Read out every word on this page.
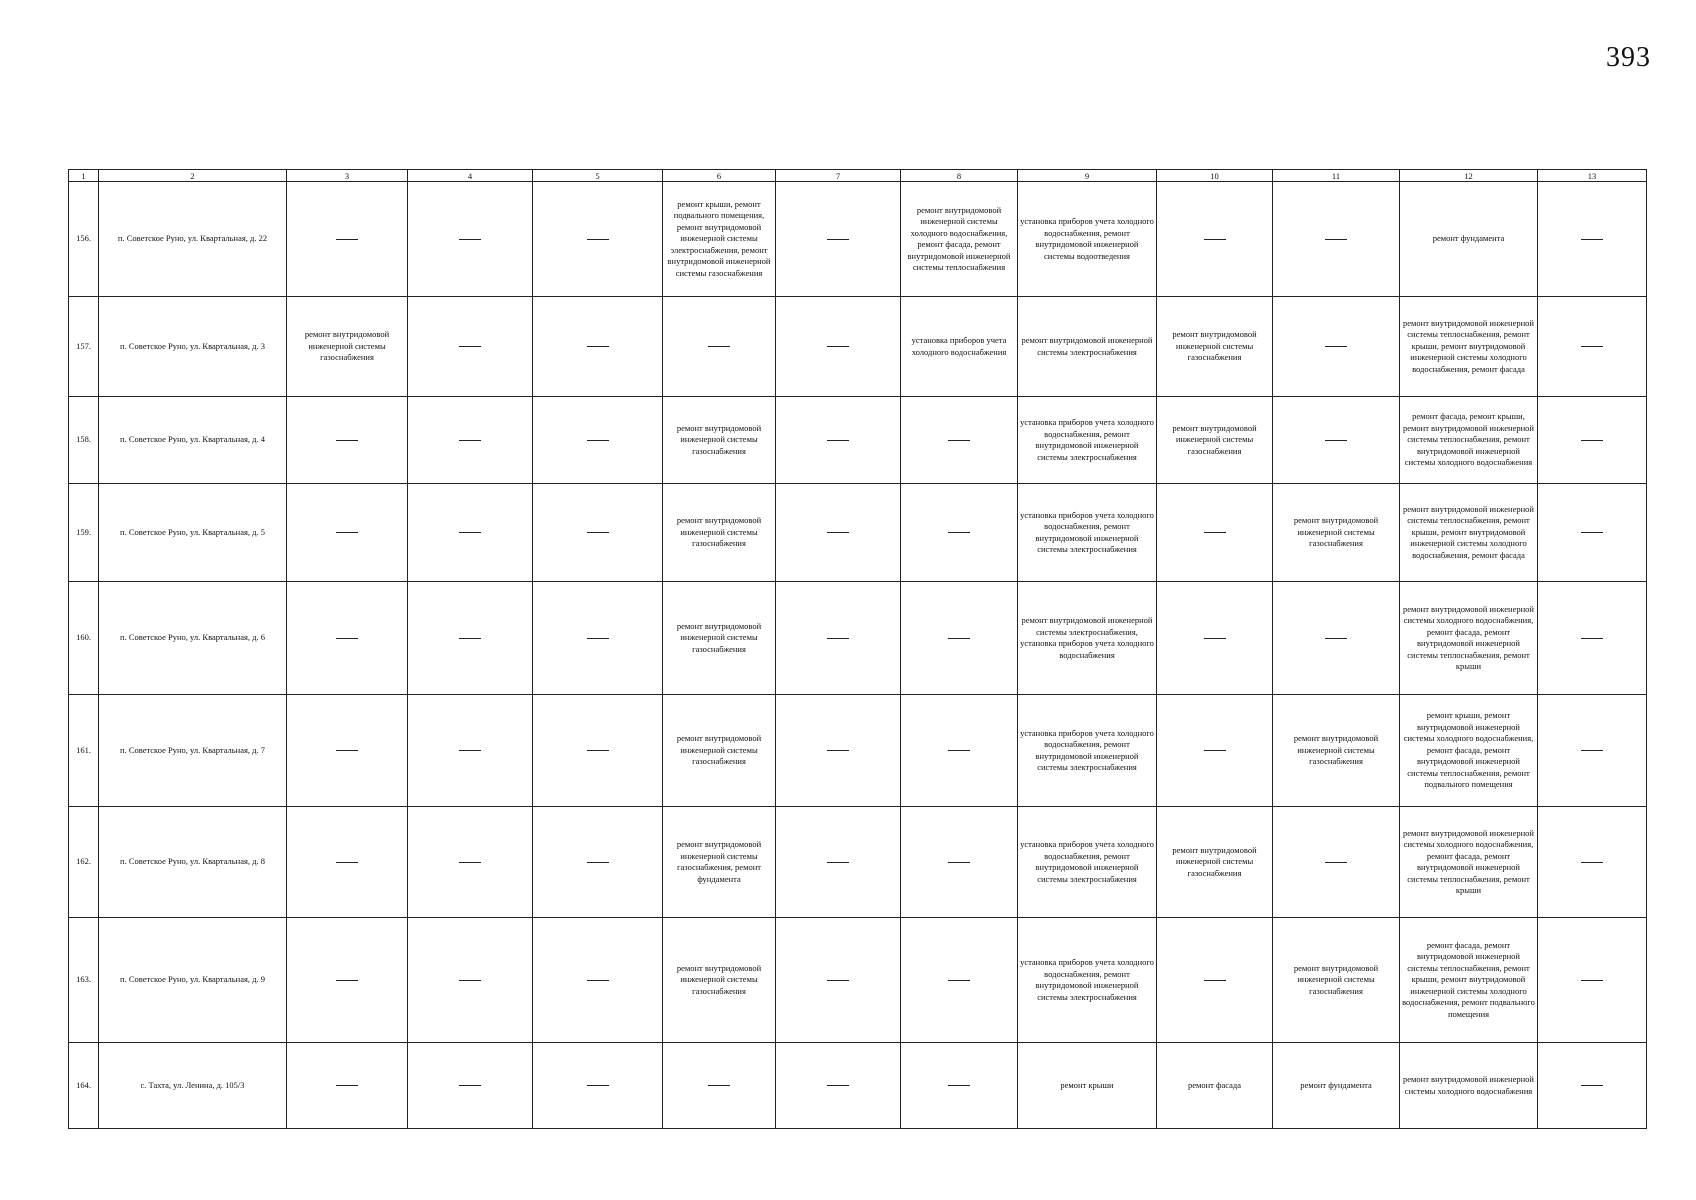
393
1	2	3	4	5	6	7	8	9	10	11	12	13
156.	п. Советское Руно, ул. Квартальная, д. 22				ремонт крыши, ремонт подвального помещения, ремонт внутридомовой инженерной системы электроснабжения, ремонт внутридомовой инженерной системы газоснабжения		ремонт внутридомовой инженерной системы холодного водоснабжения, ремонт фасада, ремонт внутридомовой инженерной системы теплоснабжения	установка приборов учета холодного водоснабжения, ремонт внутридомовой инженерной системы водоотведения			ремонт фундамента	
157.	п. Советское Руно, ул. Квартальная, д. 3	ремонт внутридомовой инженерной системы газоснабжения					установка приборов учета холодного водоснабжения	ремонт внутридомовой инженерной системы электроснабжения	ремонт внутридомовой инженерной системы газоснабжения		ремонт внутридомовой инженерной системы теплоснабжения, ремонт крыши, ремонт внутридомовой инженерной системы холодного водоснабжения, ремонт фасада	
158.	п. Советское Руно, ул. Квартальная, д. 4				ремонт внутридомовой инженерной системы газоснабжения			установка приборов учета холодного водоснабжения, ремонт внутридомовой инженерной системы электроснабжения	ремонт внутридомовой инженерной системы газоснабжения		ремонт фасада, ремонт крыши, ремонт внутридомовой инженерной системы теплоснабжения, ремонт внутридомовой инженерной системы холодного водоснабжения	
159.	п. Советское Руно, ул. Квартальная, д. 5				ремонт внутридомовой инженерной системы газоснабжения			установка приборов учета холодного водоснабжения, ремонт внутридомовой инженерной системы электроснабжения		ремонт внутридомовой инженерной системы газоснабжения	ремонт внутридомовой инженерной системы теплоснабжения, ремонт крыши, ремонт внутридомовой инженерной системы холодного водоснабжения, ремонт фасада	
160.	п. Советское Руно, ул. Квартальная, д. 6				ремонт внутридомовой инженерной системы газоснабжения			ремонт внутридомовой инженерной системы электроснабжения, установка приборов учета холодного водоснабжения			ремонт внутридомовой инженерной системы холодного водоснабжения, ремонт фасада, ремонт внутридомовой инженерной системы теплоснабжения, ремонт крыши	
161.	п. Советское Руно, ул. Квартальная, д. 7				ремонт внутридомовой инженерной системы газоснабжения			установка приборов учета холодного водоснабжения, ремонт внутридомовой инженерной системы электроснабжения		ремонт внутридомовой инженерной системы газоснабжения	ремонт крыши, ремонт внутридомовой инженерной системы холодного водоснабжения, ремонт фасада, ремонт внутридомовой инженерной системы теплоснабжения, ремонт подвального помещения	
162.	п. Советское Руно, ул. Квартальная, д. 8				ремонт внутридомовой инженерной системы газоснабжения, ремонт фундамента			установка приборов учета холодного водоснабжения, ремонт внутридомовой инженерной системы электроснабжения	ремонт внутридомовой инженерной системы газоснабжения		ремонт внутридомовой инженерной системы холодного водоснабжения, ремонт фасада, ремонт внутридомовой инженерной системы теплоснабжения, ремонт крыши	
163.	п. Советское Руно, ул. Квартальная, д. 9				ремонт внутридомовой инженерной системы газоснабжения			установка приборов учета холодного водоснабжения, ремонт внутридомовой инженерной системы электроснабжения		ремонт внутридомовой инженерной системы газоснабжения	ремонт фасада, ремонт внутридомовой инженерной системы теплоснабжения, ремонт крыши, ремонт внутридомовой инженерной системы холодного водоснабжения, ремонт подвального помещения	
164.	с. Тахта, ул. Ленина, д. 105/3							ремонт крыши	ремонт фасада	ремонт фундамента	ремонт внутридомовой инженерной системы холодного водоснабжения	
